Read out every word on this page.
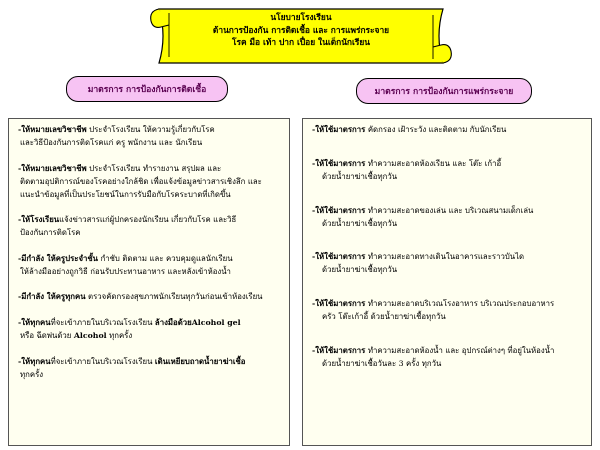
นโยบายโรงเรียน
ด้านการป้องกัน การติดเชื้อ และ การแพร่กระจาย
โรค มือ เท้า ปาก เปื่อย ในเด็กนักเรียน
มาตรการ การป้องกันการติดเชื้อ	มาตรการ การป้องกันการแพร่กระจาย
-ให้หมายเลขวิชาชีพ ประจำโรงเรียน ให้ความรู้เกี่ยวกับโรค
และวิธีป้องกันการติดโรคแก่ ครู พนักงาน และ นักเรียน
-ให้หมายเลขวิชาชีพ ประจำโรงเรียน ทำรายงาน สรุปผล และ
ติดตามอุปติการณ์ของโรคอย่างใกล้ชิด เพื่อแจ้งข้อมูลข่าวสารเชิงลึก และแนะนำข้อมูลที่เป็นประโยชน์ในการรับมือกับโรคระบาดที่เกิดขึ้น
-ให้โรงเรียนแจ้งข่าวสารแก่ผู้ปกครองนักเรียน เกี่ยวกับโรค และวิธี
ป้องกันการติดโรค
-มีกำลัง ให้ครูประจำชั้น กำชับ ติดตาม และ ควบคุมดูแลนักเรียน
ให้ล้างมืออย่างถูกวิธี ก่อนรับประทานอาหาร และหลังเข้าห้องน้ำ
-มีกำลัง ให้ครูทุกคน ตรวจคัดกรองสุขภาพนักเรียนทุกวันก่อนเข้าห้องเรียน
-ให้ทุกคนที่จะเข้าภายในบริเวณโรงเรียน ล้างมือด้วยAlcohol gel
หรือ ฉีดพ่นด้วย Alcohol ทุกครั้ง
-ให้ทุกคนที่จะเข้าภายในบริเวณโรงเรียน เดินเหยียบถาดน้ำยาฆ่าเชื้อ
ทุกครั้ง
-ให้ใช้มาตรการ คัดกรอง เฝ้าระวัง และติดตาม กับนักเรียน
-ให้ใช้มาตรการ ทำความสะอาดห้องเรียน และ โต๊ะ เก้าอี้
ด้วยน้ำยาฆ่าเชื้อทุกวัน
-ให้ใช้มาตรการ ทำความสะอาดของเล่น และ บริเวณสนามเด็กเล่น
ด้วยน้ำยาฆ่าเชื้อทุกวัน
-ให้ใช้มาตรการ ทำความสะอาดทางเดินในอาคารและราวบันได
ด้วยน้ำยาฆ่าเชื้อทุกวัน
-ให้ใช้มาตรการ ทำความสะอาดบริเวณโรงอาหาร บริเวณประกอบอาหาร
ครัว โต๊ะเก้าอี้ ด้วยน้ำยาฆ่าเชื้อทุกวัน
-ให้ใช้มาตรการ ทำความสะอาดห้องน้ำ และ อุปกรณ์ต่างๆ ที่อยู่ในห้องน้ำ
ด้วยน้ำยาฆ่าเชื้อวันละ 3 ครั้ง ทุกวัน
